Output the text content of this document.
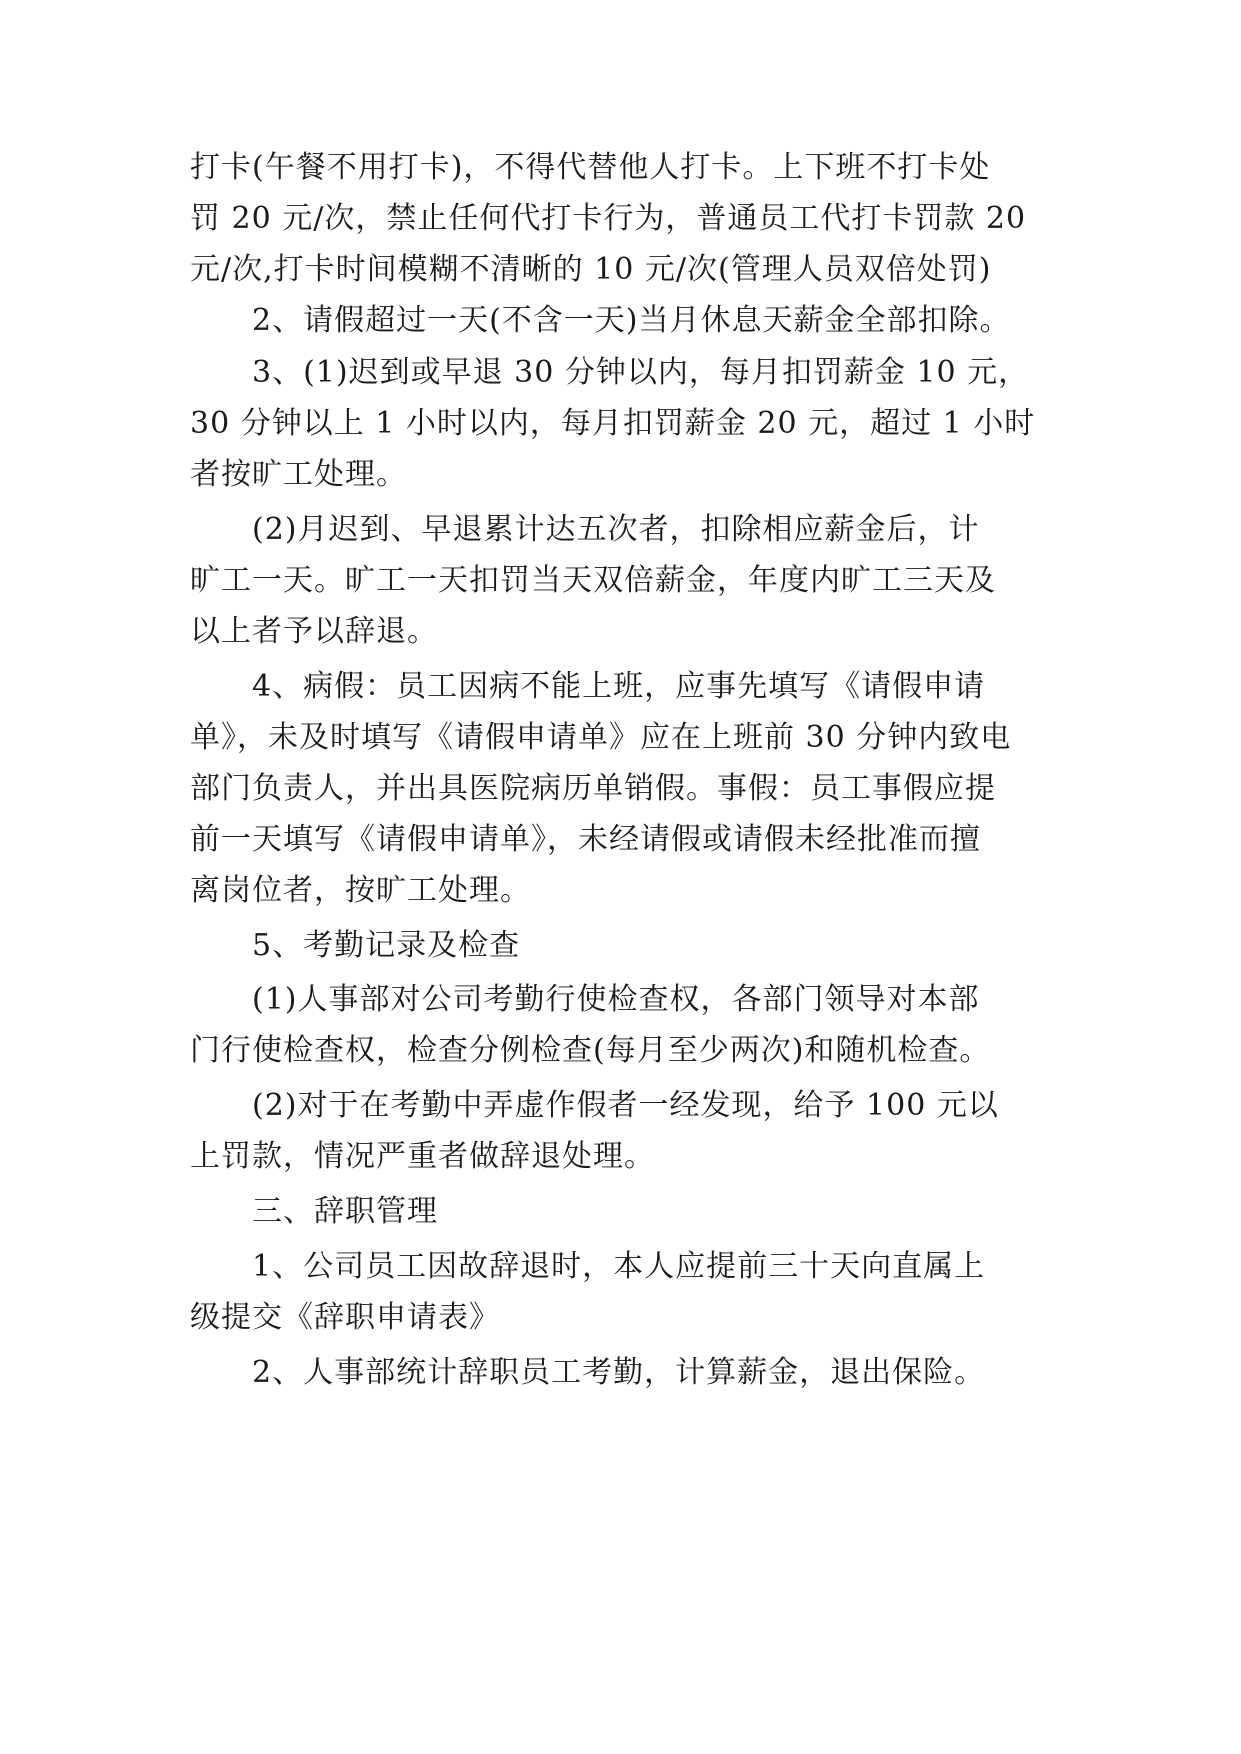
打卡(午餐不用打卡)，不得代替他人打卡。上下班不打卡处
罚 20 元/次，禁止任何代打卡行为，普通员工代打卡罚款 20
元/次,打卡时间模糊不清晰的 10 元/次(管理人员双倍处罚)
2、请假超过一天(不含一天)当月休息天薪金全部扣除。
3、(1)迟到或早退 30 分钟以内，每月扣罚薪金 10 元，
30 分钟以上 1 小时以内，每月扣罚薪金 20 元，超过 1 小时
者按旷工处理。
(2)月迟到、早退累计达五次者，扣除相应薪金后，计
旷工一天。旷工一天扣罚当天双倍薪金，年度内旷工三天及
以上者予以辞退。
4、病假：员工因病不能上班，应事先填写《请假申请
单》，未及时填写《请假申请单》应在上班前 30 分钟内致电
部门负责人，并出具医院病历单销假。事假：员工事假应提
前一天填写《请假申请单》，未经请假或请假未经批准而擅
离岗位者，按旷工处理。
5、考勤记录及检查
(1)人事部对公司考勤行使检查权，各部门领导对本部
门行使检查权，检查分例检查(每月至少两次)和随机检查。
(2)对于在考勤中弄虚作假者一经发现，给予 100 元以
上罚款，情况严重者做辞退处理。
三、辞职管理
1、公司员工因故辞退时，本人应提前三十天向直属上
级提交《辞职申请表》
2、人事部统计辞职员工考勤，计算薪金，退出保险。
